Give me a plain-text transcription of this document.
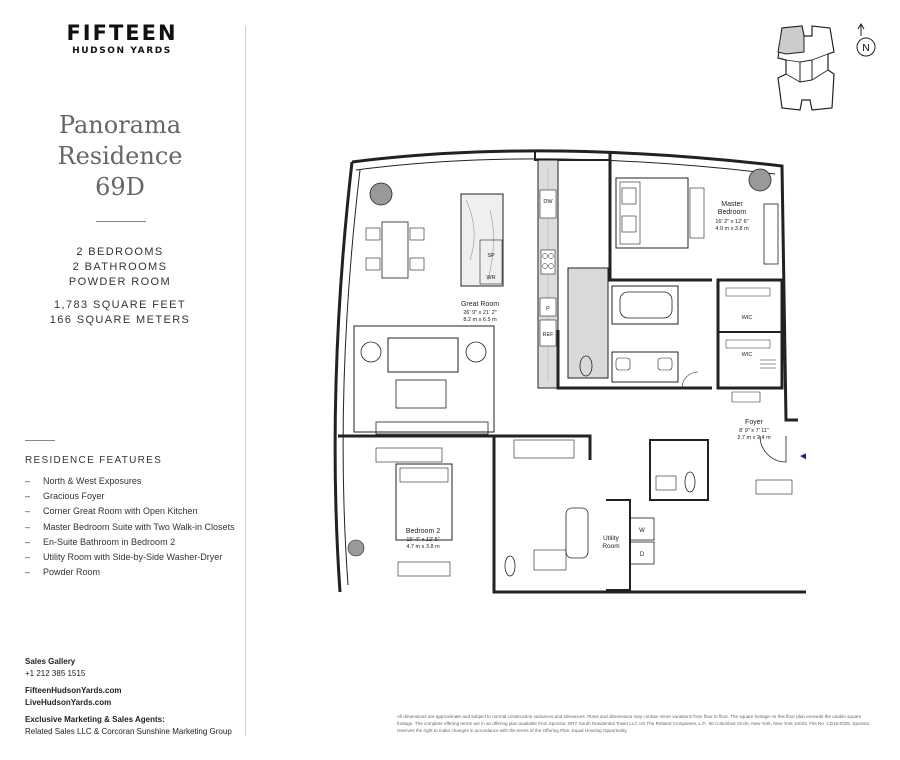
FIFTEEN
HUDSON YARDS
Panorama
Residence
69D
2 BEDROOMS
2 BATHROOMS
POWDER ROOM
1,783 SQUARE FEET
166 SQUARE METERS
RESIDENCE FEATURES
– North & West Exposures
– Gracious Foyer
– Corner Great Room with Open Kitchen
– Master Bedroom Suite with Two Walk-in Closets
– En-Suite Bathroom in Bedroom 2
– Utility Room with Side-by-Side Washer-Dryer
– Powder Room
Sales Gallery
+1 212 385 1515
FifteenHudsonYards.com
LiveHudsonYards.com
Exclusive Marketing & Sales Agents:
Related Sales LLC & Corcoran Sunshine Marketing Group
N
Great Room
26' 9" x 21' 2"
8.2 m x 6.5 m
Master
Bedroom
16' 2" x 12' 6"
4.9 m x 3.8 m
Bedroom 2
15' 4" x 12' 5"
4.7 m x 3.8 m
Foyer
8' 9" x 7' 11"
2.7 m x 2.4 m
Utility
Room
DW
SP
WR
P
REF
WIC
WIC
W
D
All dimensions are approximate and subject to normal construction variances and tolerances. Plans and dimensions may contain minor variations from floor to floor. The square footage on this floor plan exceeds the usable square footage. The complete offering terms are in an offering plan available from Sponsor. ERY South Residential Tower LLC c/o The Related Companies, L.P., 60 Columbus Circle, New York, New York 10023. File No. CD15-0325. Sponsor reserves the right to make changes in accordance with the terms of the Offering Plan. Equal Housing Opportunity.
